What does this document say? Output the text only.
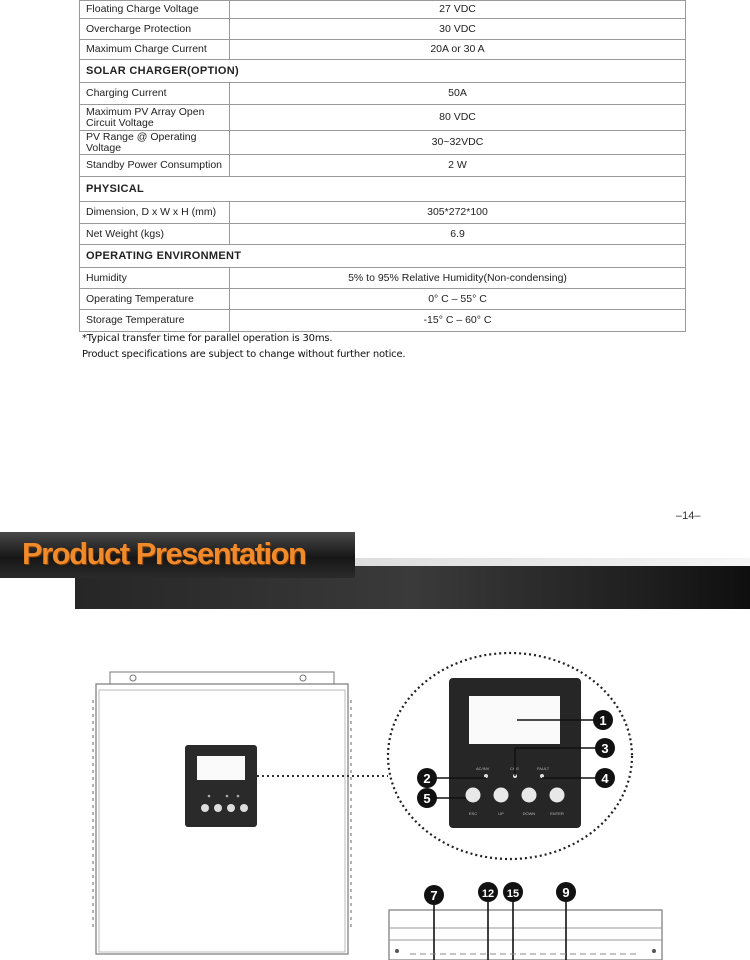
Floating Charge Voltage	27 VDC
Overcharge Protection	30 VDC
Maximum Charge Current	20A or 30 A
SOLAR CHARGER(OPTION)
Charging Current	50A
Maximum PV Array Open Circuit Voltage	80 VDC
PV Range @ Operating Voltage	30~32VDC
Standby Power Consumption	2 W
PHYSICAL
Dimension, D x W x H (mm)	305*272*100
Net Weight (kgs)	6.9
OPERATING ENVIRONMENT
Humidity	5% to 95% Relative Humidity(Non-condensing)
Operating Temperature	0° C – 55° C
Storage Temperature	-15° C – 60° C
*Typical transfer time for parallel operation is 30ms.
Product specifications are subject to change without further notice.
–14–
Product Presentation
AC/INV	CHG	FAULT
ESC	UP	DOWN	ENTER
1
2
3
4
5
7	12 15	9
